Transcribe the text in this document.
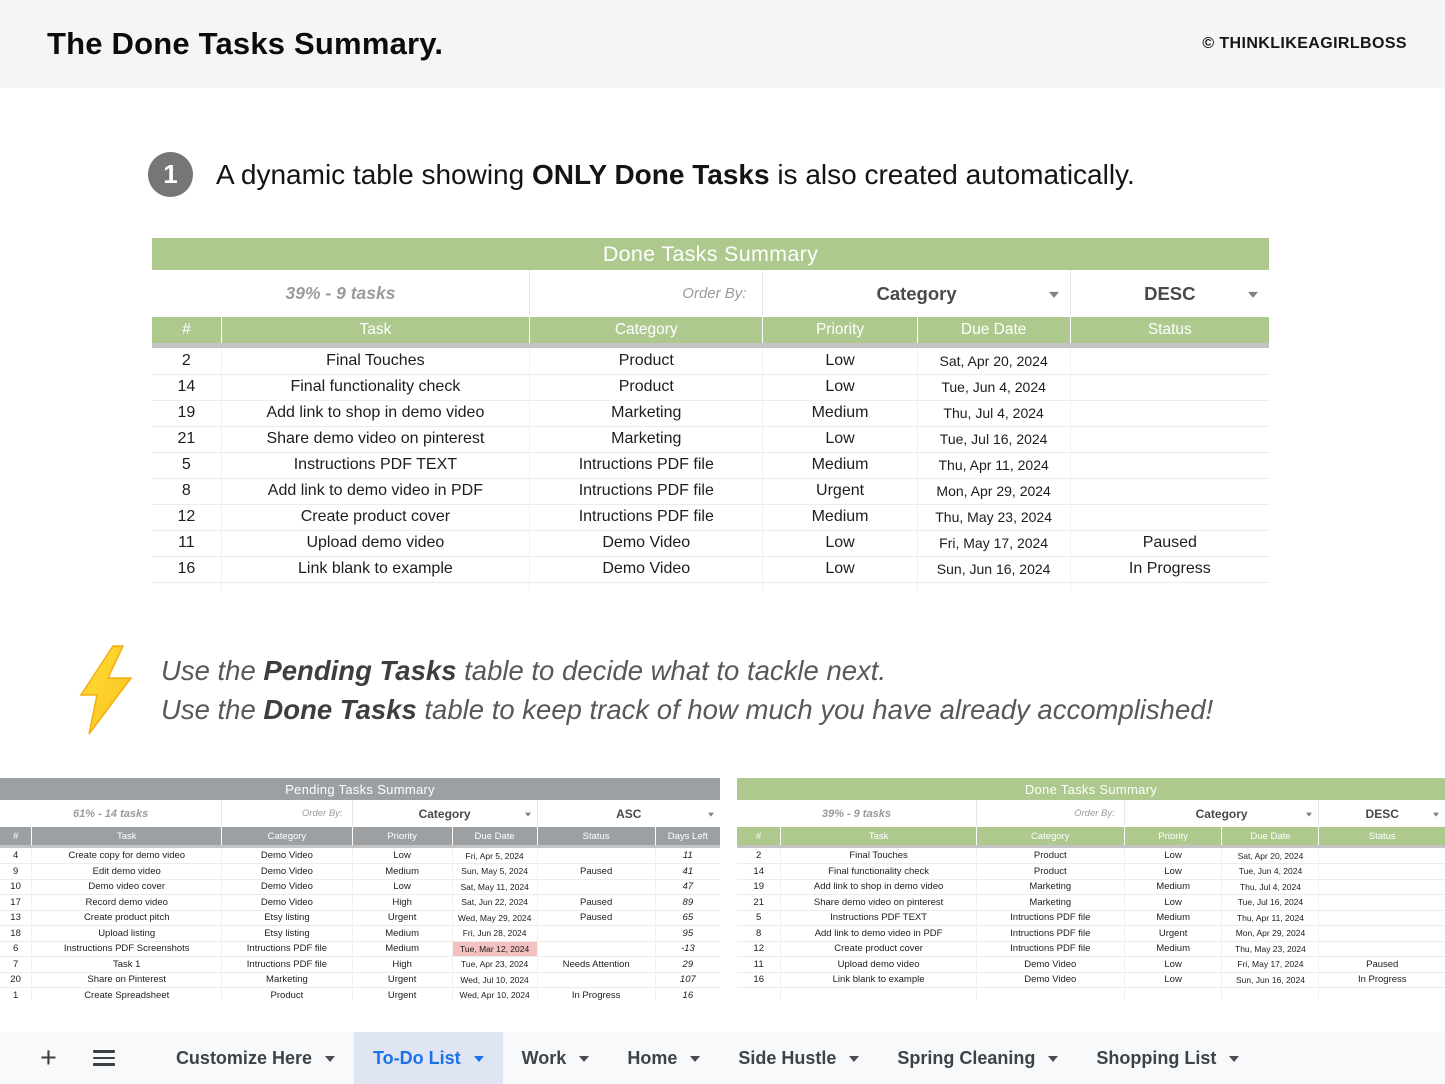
The Done Tasks Summary.	© THINKLIKEAGIRLBOSS
1	A dynamic table showing ONLY Done Tasks is also created automatically.
Done Tasks Summary					
39% - 9 tasks		Order By:	Category		DESC

#	Task	Category	Priority	Due Date	Status

2	Final Touches	Product	Low	Sat, Apr 20, 2024	
14	Final functionality check	Product	Low	Tue, Jun 4, 2024	
19	Add link to shop in demo video	Marketing	Medium	Thu, Jul 4, 2024	
21	Share demo video on pinterest	Marketing	Low	Tue, Jul 16, 2024	
5	Instructions PDF TEXT	Intructions PDF file	Medium	Thu, Apr 11, 2024	
8	Add link to demo video in PDF	Intructions PDF file	Urgent	Mon, Apr 29, 2024	
12	Create product cover	Intructions PDF file	Medium	Thu, May 23, 2024	
11	Upload demo video	Demo Video	Low	Fri, May 17, 2024	Paused
16	Link blank to example	Demo Video	Low	Sun, Jun 16, 2024	In Progress

Use the Pending Tasks table to decide what to tackle next.
Use the Done Tasks table to keep track of how much you have already accomplished!
Pending Tasks Summary						
61% - 14 tasks		Order By:	Category		ASC	

#	Task	Category	Priority	Due Date	Status	Days Left

4	Create copy for demo video	Demo Video	Low	Fri, Apr 5, 2024		11
9	Edit demo video	Demo Video	Medium	Sun, May 5, 2024	Paused	41
10	Demo video cover	Demo Video	Low	Sat, May 11, 2024		47
17	Record demo video	Demo Video	High	Sat, Jun 22, 2024	Paused	89
13	Create product pitch	Etsy listing	Urgent	Wed, May 29, 2024	Paused	65
18	Upload listing	Etsy listing	Medium	Fri, Jun 28, 2024		95
6	Instructions PDF Screenshots	Intructions PDF file	Medium	Tue, Mar 12, 2024		-13
7	Task 1	Intructions PDF file	High	Tue, Apr 23, 2024	Needs Attention	29
20	Share on Pinterest	Marketing	Urgent	Wed, Jul 10, 2024		107
1	Create Spreadsheet	Product	Urgent	Wed, Apr 10, 2024	In Progress	16

Done Tasks Summary					
39% - 9 tasks		Order By:	Category		DESC

#	Task	Category	Priority	Due Date	Status

2	Final Touches	Product	Low	Sat, Apr 20, 2024	
14	Final functionality check	Product	Low	Tue, Jun 4, 2024	
19	Add link to shop in demo video	Marketing	Medium	Thu, Jul 4, 2024	
21	Share demo video on pinterest	Marketing	Low	Tue, Jul 16, 2024	
5	Instructions PDF TEXT	Intructions PDF file	Medium	Thu, Apr 11, 2024	
8	Add link to demo video in PDF	Intructions PDF file	Urgent	Mon, Apr 29, 2024	
12	Create product cover	Intructions PDF file	Medium	Thu, May 23, 2024	
11	Upload demo video	Demo Video	Low	Fri, May 17, 2024	Paused
16	Link blank to example	Demo Video	Low	Sun, Jun 16, 2024	In Progress

+	Customize Here	To-Do List	Work	Home	Side Hustle	Spring Cleaning	Shopping List
